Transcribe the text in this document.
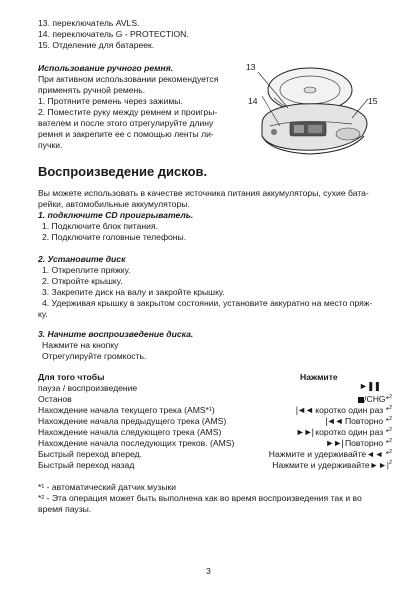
13. переключатель AVLS.
14. переключатель G - PROTECTION.
15. Отделение для батареек.
Использование ручного ремня.
При активном использовании рекомендуется
применять ручной ремень.
1. Протяните ремень через зажимы.
2. Поместите руку между ремнем и проигры-
вателем и после этого отрегулируйте длину
ремня и закрепите ее с помощью ленты ли-
пучки.
13
14	15
Воспроизведение дисков.
Вы можете использовать в качестве источника питания аккумуляторы, сухие бата-
рейки, автомобильные аккумуляторы.
1. подключите CD проигрыватель.
1. Подключите блок питания.
2. Подключите головные телефоны.
2. Установите диск
1. Откреплите пряжку.
2. Откройте крышку.
3. Закрепите диск на валу и закройте крышку.
4. Удерживая крышку в закрытом состоянии, установите аккуратно на место пряж-
ку.
3. Начните воспроизведение диска.
Нажмите на кнопку
Отрегулируйте громкость.
Для того чтобы	Нажмите
пауза / воспроизведение	►❚❚
Останов	/CHG*$^2$
Нахождение начала текущего трека (AMS*¹)	|◄◄ коротко один раз *$^2$
Нахождение начала предыдущего трека (AMS)	|◄◄ Повторно *$^2$
Нахождение начала следующего трека (AMS)	►►| коротко один раз *$^2$
Нахождение начала последующих треков. (AMS)	►►| Повторно *$^2$
Быстрый переход вперед.	Нажмите и удерживайте◄◄ *$^2$
Быстрый переход назад	Нажмите и $удерживайте►►|^2$
*¹ - автоматический датчик музыки
*² - Эта операция может быть выполнена как во время воспроизведения так и во
время паузы.
3
